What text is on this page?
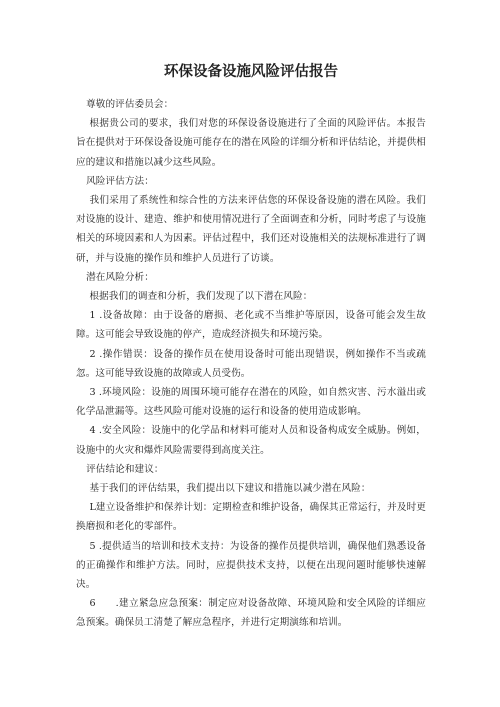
环保设备设施风险评估报告

尊敬的评估委员会：

根据贵公司的要求，我们对您的环保设备设施进行了全面的风险评估。本报告旨在提供对于环保设备设施可能存在的潜在风险的详细分析和评估结论，并提供相应的建议和措施以减少这些风险。

风险评估方法：

我们采用了系统性和综合性的方法来评估您的环保设备设施的潜在风险。我们对设施的设计、建造、维护和使用情况进行了全面调查和分析，同时考虑了与设施相关的环境因素和人为因素。评估过程中，我们还对设施相关的法规标准进行了调研，并与设施的操作员和维护人员进行了访谈。

潜在风险分析：

根据我们的调查和分析，我们发现了以下潜在风险：

1 .设备故障：由于设备的磨损、老化或不当维护等原因，设备可能会发生故障。这可能会导致设施的停产，造成经济损失和环境污染。

2 .操作错误：设备的操作员在使用设备时可能出现错误，例如操作不当或疏忽。这可能导致设施的故障或人员受伤。

3 .环境风险：设施的周围环境可能存在潜在的风险，如自然灾害、污水溢出或化学品泄漏等。这些风险可能对设施的运行和设备的使用造成影响。

4 .安全风险：设施中的化学品和材料可能对人员和设备构成安全威胁。例如，设施中的火灾和爆炸风险需要得到高度关注。

评估结论和建议：

基于我们的评估结果，我们提出以下建议和措施以减少潜在风险：

L建立设备维护和保养计划：定期检查和维护设备，确保其正常运行，并及时更换磨损和老化的零部件。

5 .提供适当的培训和技术支持：为设备的操作员提供培训，确保他们熟悉设备的正确操作和维护方法。同时，应提供技术支持，以便在出现问题时能够快速解决。

6　　.建立紧急应急预案：制定应对设备故障、环境风险和安全风险的详细应急预案。确保员工清楚了解应急程序，并进行定期演练和培训。
